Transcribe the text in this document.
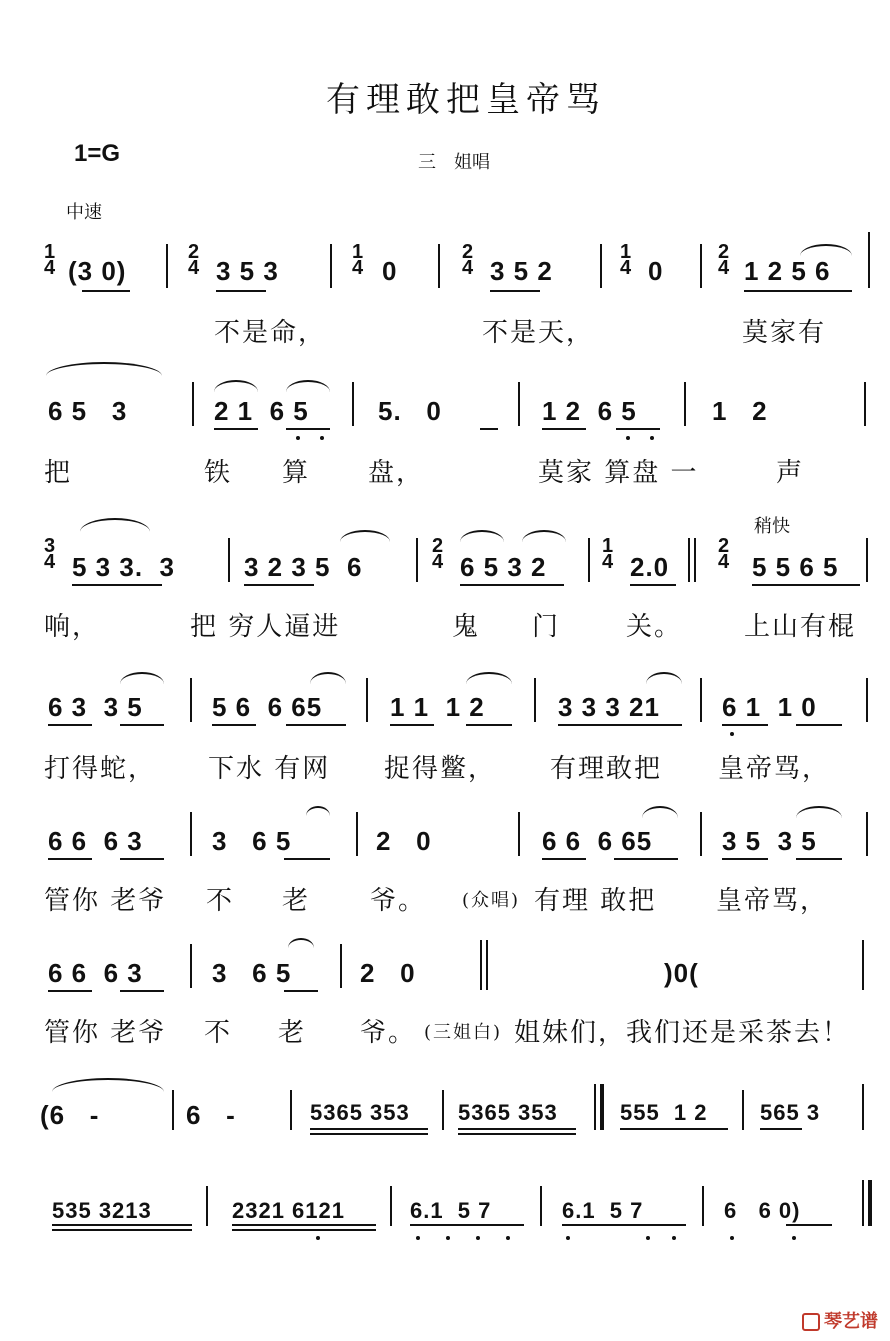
有理敢把皇帝骂
1=G	三　姐唱
中速
1
4 (3 0)
2
4 3 5 3
1
4 0
2
4 3 5 2
1
4 0
2
4 1 2 5 6
不是命，	不是天，	莫家有
6 5   3	2 1  6 5	5.   0	1 2  6 5	1   2
把	铁 算 盘，	莫家 算盘 一	声
稍快
3
4 5 3 3.  3	3 2 3 5  6
2
4 6 5 3 2
1
4 2.0
2
4 5 5 6 5
响，	把 穷人逼进	鬼 门	关。 上山有棍
6 3  3 5	5 6  6 65	1 1  1 2	3 3 3 21 6 1  1 0
打得蛇， 下水 有网 捉得鳖， 有理敢把 皇帝骂，
6 6  6 3	3   6 5	2   0	6 6  6 65	3 5  3 5
管你 老爷 不 老 爷。 (众唱) 有理 敢把 皇帝骂，
6 6  6 3	3   6 5	2   0	)0(
管你 老爷 不 老 爷。 (三姐白) 姐妹们，我们还是采茶去！
(6   -	6   -	5365 353 5365 353	555  1 2 565 3
535 3213	2321 6121	6.1  5 7	6.1  5 7	6   6 0)
琴艺谱
